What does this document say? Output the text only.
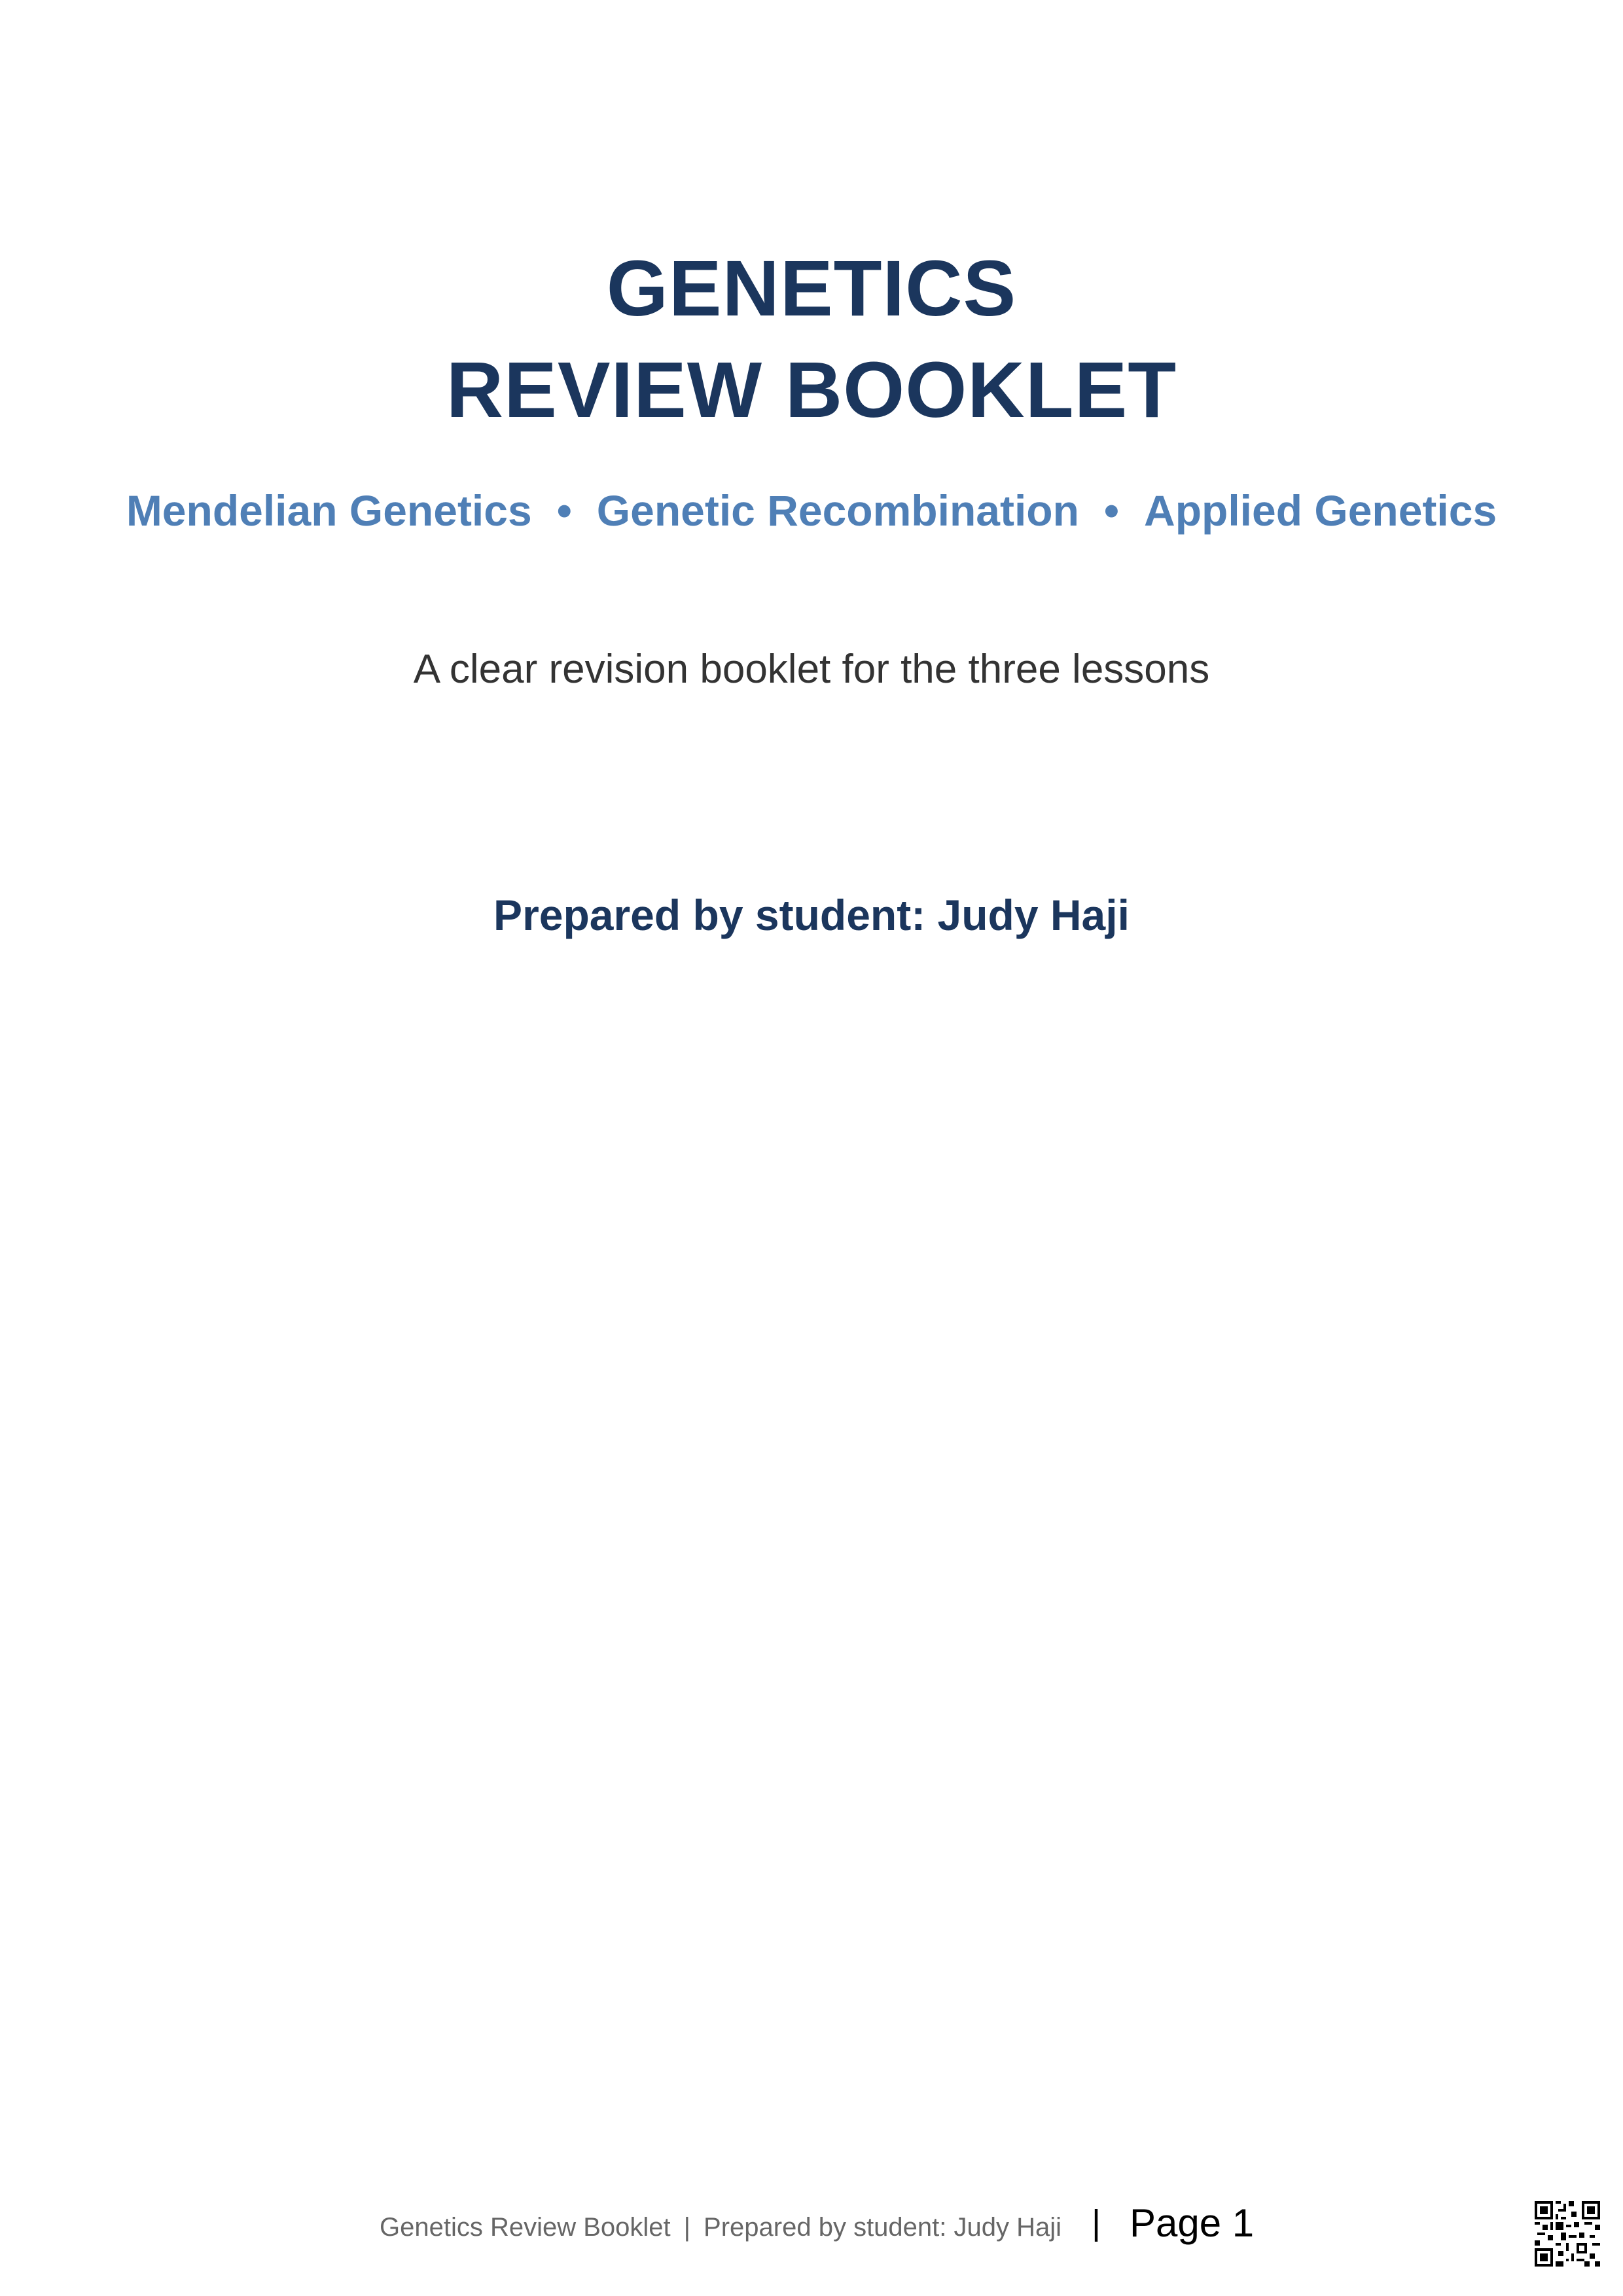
GENETICS
REVIEW BOOKLET
Mendelian Genetics • Genetic Recombination • Applied Genetics
A clear revision booklet for the three lessons
Prepared by student: Judy Haji
Genetics Review Booklet | Prepared by student: Judy Haji | Page 1
